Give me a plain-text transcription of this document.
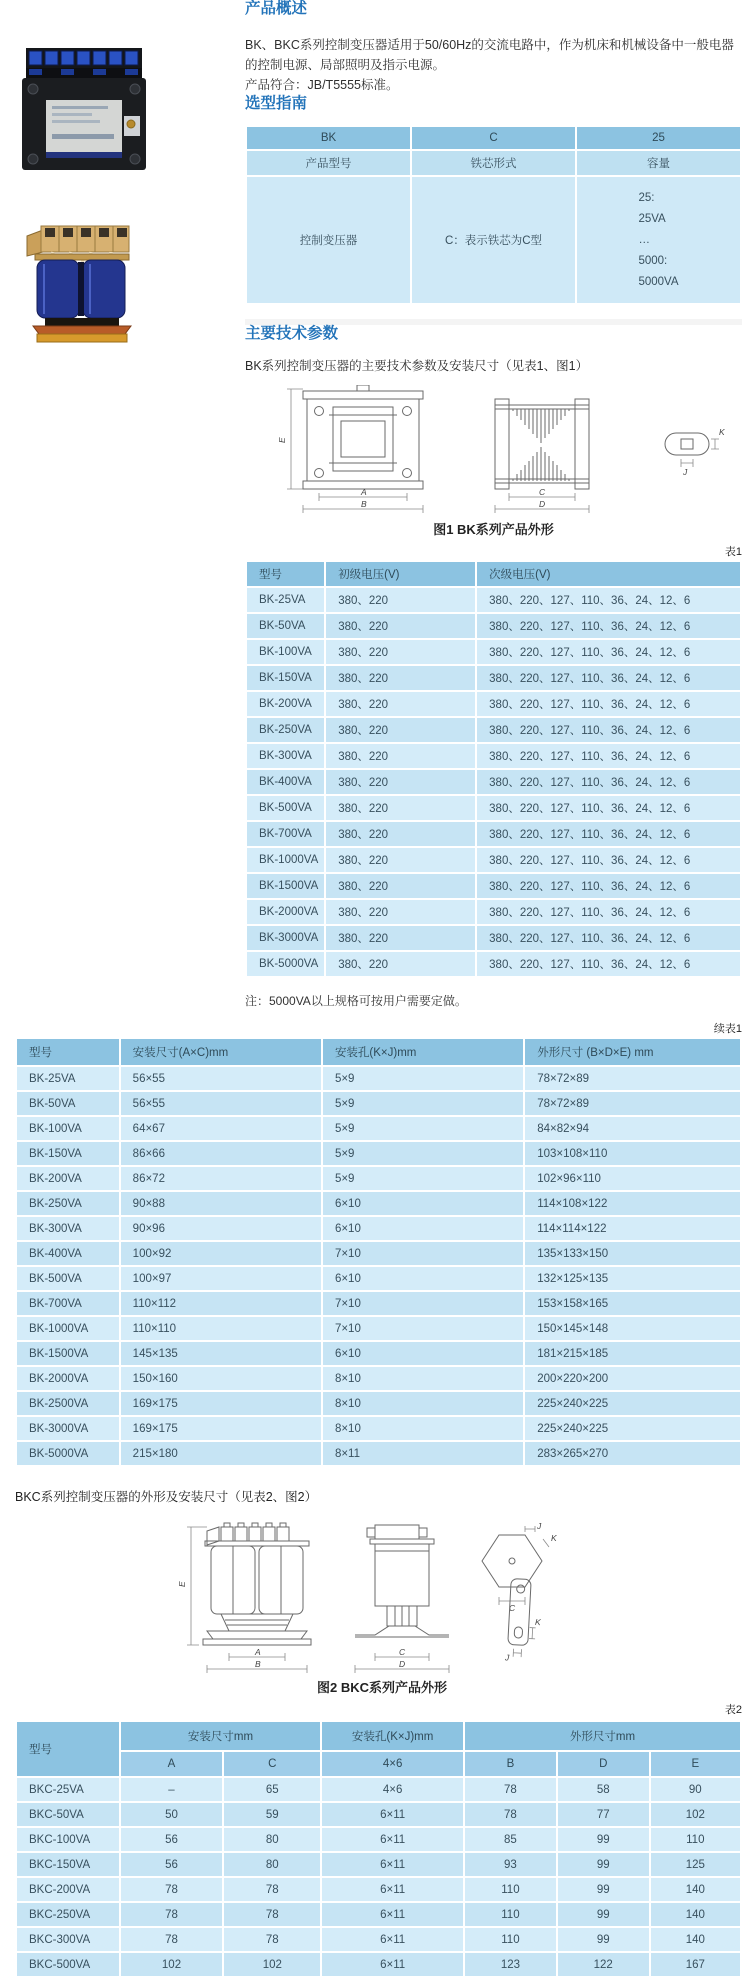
产品概述

BK、BKC系列控制变压器适用于50/60Hz的交流电路中，作为机床和机械设备中一般电器的控制电源、局部照明及指示电源。
产品符合：JB/T5555标准。

选型指南
BK	C	25
产品型号	铁芯形式	容量
控制变压器	C：表示铁芯为C型	25:
25VA
…
5000:
5000VA
主要技术参数

BK系列控制变压器的主要技术参数及安装尺寸（见表1、图1）

E
A
B
C
D
K
J
图1 BK系列产品外形
表1
型号	初级电压(V)	次级电压(V)
BK-25VA	380、220	380、220、127、110、36、24、12、6
BK-50VA	380、220	380、220、127、110、36、24、12、6
BK-100VA	380、220	380、220、127、110、36、24、12、6
BK-150VA	380、220	380、220、127、110、36、24、12、6
BK-200VA	380、220	380、220、127、110、36、24、12、6
BK-250VA	380、220	380、220、127、110、36、24、12、6
BK-300VA	380、220	380、220、127、110、36、24、12、6
BK-400VA	380、220	380、220、127、110、36、24、12、6
BK-500VA	380、220	380、220、127、110、36、24、12、6
BK-700VA	380、220	380、220、127、110、36、24、12、6
BK-1000VA	380、220	380、220、127、110、36、24、12、6
BK-1500VA	380、220	380、220、127、110、36、24、12、6
BK-2000VA	380、220	380、220、127、110、36、24、12、6
BK-3000VA	380、220	380、220、127、110、36、24、12、6
BK-5000VA	380、220	380、220、127、110、36、24、12、6

注：5000VA以上规格可按用户需要定做。

续表1
型号	安装尺寸(A×C)mm	安装孔(K×J)mm	外形尺寸 (B×D×E) mm
BK-25VA	56×55	5×9	78×72×89
BK-50VA	56×55	5×9	78×72×89
BK-100VA	64×67	5×9	84×82×94
BK-150VA	86×66	5×9	103×108×110
BK-200VA	86×72	5×9	102×96×110
BK-250VA	90×88	6×10	114×108×122
BK-300VA	90×96	6×10	114×114×122
BK-400VA	100×92	7×10	135×133×150
BK-500VA	100×97	6×10	132×125×135
BK-700VA	110×112	7×10	153×158×165
BK-1000VA	110×110	7×10	150×145×148
BK-1500VA	145×135	6×10	181×215×185
BK-2000VA	150×160	8×10	200×220×200
BK-2500VA	169×175	8×10	225×240×225
BK-3000VA	169×175	8×10	225×240×225
BK-5000VA	215×180	8×11	283×265×270

BKC系列控制变压器的外形及安装尺寸（见表2、图2）

E
A
B
C
D
J
K
C
K
J
图2 BKC系列产品外形
表2
型号	安装尺寸mm		安装孔(K×J)mm	外形尺寸mm		
	A	C	4×6	B	D	E
BKC-25VA	–	65	4×6	78	58	90
BKC-50VA	50	59	6×11	78	77	102
BKC-100VA	56	80	6×11	85	99	110
BKC-150VA	56	80	6×11	93	99	125
BKC-200VA	78	78	6×11	110	99	140
BKC-250VA	78	78	6×11	110	99	140
BKC-300VA	78	78	6×11	110	99	140
BKC-500VA	102	102	6×11	123	122	167
